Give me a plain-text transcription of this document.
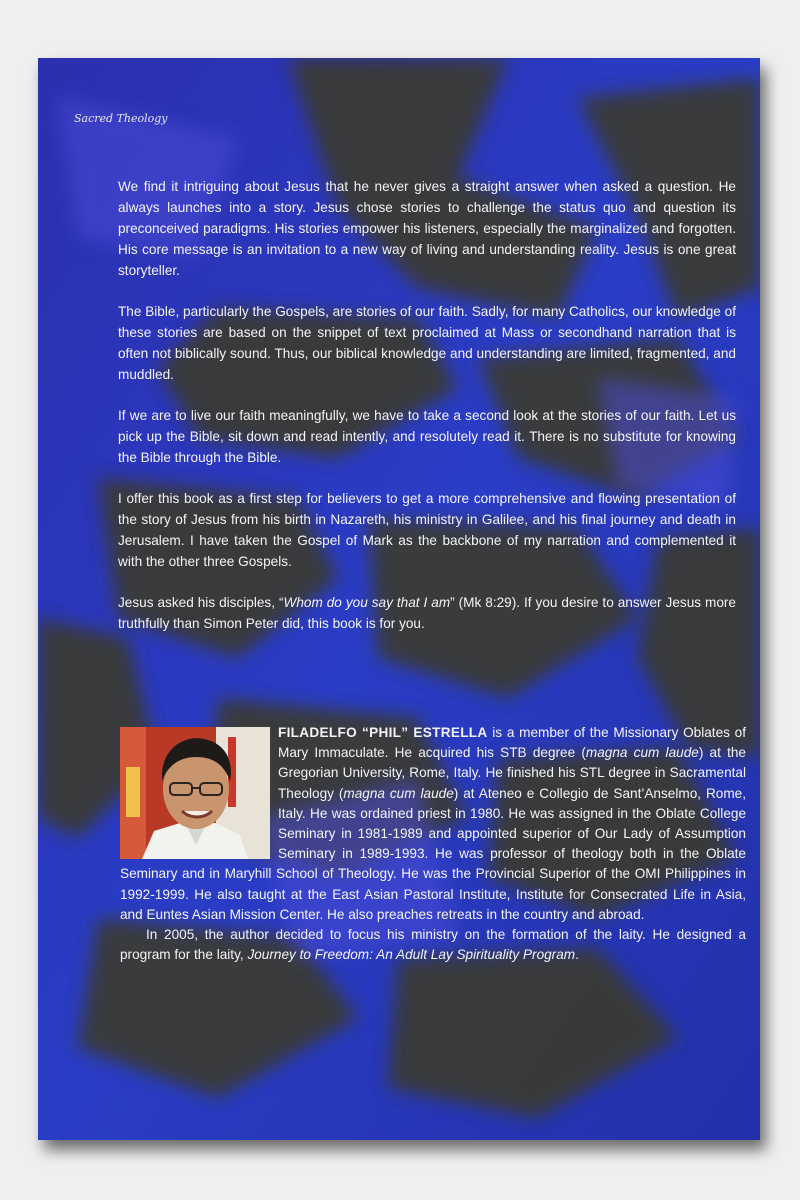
Sacred Theology

We find it intriguing about Jesus that he never gives a straight answer when asked a question. He always launches into a story. Jesus chose stories to challenge the status quo and question its preconceived paradigms. His stories empower his listeners, especially the marginalized and forgotten. His core message is an invitation to a new way of living and understanding reality. Jesus is one great storyteller.

The Bible, particularly the Gospels, are stories of our faith. Sadly, for many Catholics, our knowledge of these stories are based on the snippet of text proclaimed at Mass or secondhand narration that is often not biblically sound. Thus, our biblical knowledge and understanding are limited, fragmented, and muddled.

If we are to live our faith meaningfully, we have to take a second look at the stories of our faith. Let us pick up the Bible, sit down and read intently, and resolutely read it. There is no substitute for knowing the Bible through the Bible.

I offer this book as a first step for believers to get a more comprehensive and flowing presentation of the story of Jesus from his birth in Nazareth, his ministry in Galilee, and his final journey and death in Jerusalem. I have taken the Gospel of Mark as the backbone of my narration and complemented it with the other three Gospels.

Jesus asked his disciples, “Whom do you say that I am” (Mk 8:29). If you desire to answer Jesus more truthfully than Simon Peter did, this book is for you.

FILADELFO “PHIL” ESTRELLA is a member of the Missionary Oblates of Mary Immaculate. He acquired his STB degree (magna cum laude) at the Gregorian University, Rome, Italy. He finished his STL degree in Sacramental Theology (magna cum laude) at Ateneo e Collegio de Sant’Anselmo, Rome, Italy. He was ordained priest in 1980. He was assigned in the Oblate College Seminary in 1981-1989 and appointed superior of Our Lady of Assumption Seminary in 1989-1993. He was professor of theology both in the Oblate Seminary and in Maryhill School of Theology. He was the Provincial Superior of the OMI Philippines in 1992-1999. He also taught at the East Asian Pastoral Institute, Institute for Consecrated Life in Asia, and Euntes Asian Mission Center. He also preaches retreats in the country and abroad.

In 2005, the author decided to focus his ministry on the formation of the laity. He designed a program for the laity, Journey to Freedom: An Adult Lay Spirituality Program.
